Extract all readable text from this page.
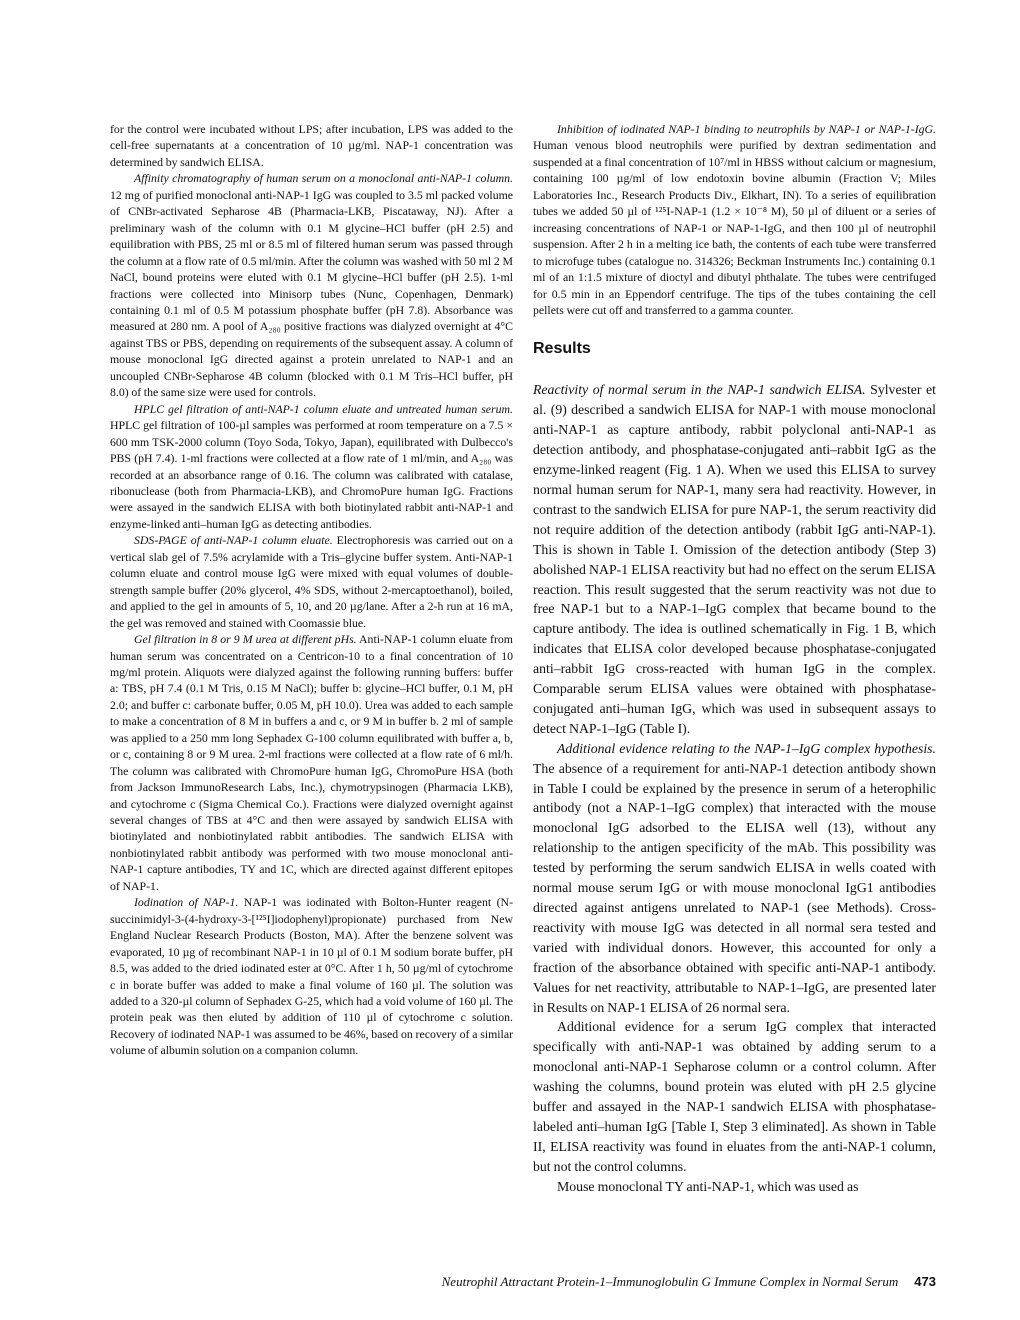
for the control were incubated without LPS; after incubation, LPS was added to the cell-free supernatants at a concentration of 10 µg/ml. NAP-1 concentration was determined by sandwich ELISA.

Affinity chromatography of human serum on a monoclonal anti-NAP-1 column. 12 mg of purified monoclonal anti-NAP-1 IgG was coupled to 3.5 ml packed volume of CNBr-activated Sepharose 4B (Pharmacia-LKB, Piscataway, NJ). After a preliminary wash of the column with 0.1 M glycine–HCl buffer (pH 2.5) and equilibration with PBS, 25 ml or 8.5 ml of filtered human serum was passed through the column at a flow rate of 0.5 ml/min. After the column was washed with 50 ml 2 M NaCl, bound proteins were eluted with 0.1 M glycine–HCl buffer (pH 2.5). 1-ml fractions were collected into Minisorp tubes (Nunc, Copenhagen, Denmark) containing 0.1 ml of 0.5 M potassium phosphate buffer (pH 7.8). Absorbance was measured at 280 nm. A pool of A₂₈₀ positive fractions was dialyzed overnight at 4°C against TBS or PBS, depending on requirements of the subsequent assay. A column of mouse monoclonal IgG directed against a protein unrelated to NAP-1 and an uncoupled CNBr-Sepharose 4B column (blocked with 0.1 M Tris–HCl buffer, pH 8.0) of the same size were used for controls.

HPLC gel filtration of anti-NAP-1 column eluate and untreated human serum. HPLC gel filtration of 100-µl samples was performed at room temperature on a 7.5 × 600 mm TSK-2000 column (Toyo Soda, Tokyo, Japan), equilibrated with Dulbecco's PBS (pH 7.4). 1-ml fractions were collected at a flow rate of 1 ml/min, and A₂₈₀ was recorded at an absorbance range of 0.16. The column was calibrated with catalase, ribonuclease (both from Pharmacia-LKB), and ChromoPure human IgG. Fractions were assayed in the sandwich ELISA with both biotinylated rabbit anti-NAP-1 and enzyme-linked anti–human IgG as detecting antibodies.

SDS-PAGE of anti-NAP-1 column eluate. Electrophoresis was carried out on a vertical slab gel of 7.5% acrylamide with a Tris–glycine buffer system. Anti-NAP-1 column eluate and control mouse IgG were mixed with equal volumes of double-strength sample buffer (20% glycerol, 4% SDS, without 2-mercaptoethanol), boiled, and applied to the gel in amounts of 5, 10, and 20 µg/lane. After a 2-h run at 16 mA, the gel was removed and stained with Coomassie blue.

Gel filtration in 8 or 9 M urea at different pHs. Anti-NAP-1 column eluate from human serum was concentrated on a Centricon-10 to a final concentration of 10 mg/ml protein. Aliquots were dialyzed against the following running buffers: buffer a: TBS, pH 7.4 (0.1 M Tris, 0.15 M NaCl); buffer b: glycine–HCl buffer, 0.1 M, pH 2.0; and buffer c: carbonate buffer, 0.05 M, pH 10.0). Urea was added to each sample to make a concentration of 8 M in buffers a and c, or 9 M in buffer b. 2 ml of sample was applied to a 250 mm long Sephadex G-100 column equilibrated with buffer a, b, or c, containing 8 or 9 M urea. 2-ml fractions were collected at a flow rate of 6 ml/h. The column was calibrated with ChromoPure human IgG, ChromoPure HSA (both from Jackson ImmunoResearch Labs, Inc.), chymotrypsinogen (Pharmacia LKB), and cytochrome c (Sigma Chemical Co.). Fractions were dialyzed overnight against several changes of TBS at 4°C and then were assayed by sandwich ELISA with biotinylated and nonbiotinylated rabbit antibodies. The sandwich ELISA with nonbiotinylated rabbit antibody was performed with two mouse monoclonal anti-NAP-1 capture antibodies, TY and 1C, which are directed against different epitopes of NAP-1.

Iodination of NAP-1. NAP-1 was iodinated with Bolton-Hunter reagent (N-succinimidyl-3-(4-hydroxy-3-[¹²⁵I]iodophenyl)propionate) purchased from New England Nuclear Research Products (Boston, MA). After the benzene solvent was evaporated, 10 µg of recombinant NAP-1 in 10 µl of 0.1 M sodium borate buffer, pH 8.5, was added to the dried iodinated ester at 0°C. After 1 h, 50 µg/ml of cytochrome c in borate buffer was added to make a final volume of 160 µl. The solution was added to a 320-µl column of Sephadex G-25, which had a void volume of 160 µl. The protein peak was then eluted by addition of 110 µl of cytochrome c solution. Recovery of iodinated NAP-1 was assumed to be 46%, based on recovery of a similar volume of albumin solution on a companion column.

Inhibition of iodinated NAP-1 binding to neutrophils by NAP-1 or NAP-1-IgG. Human venous blood neutrophils were purified by dextran sedimentation and suspended at a final concentration of 10⁷/ml in HBSS without calcium or magnesium, containing 100 µg/ml of low endotoxin bovine albumin (Fraction V; Miles Laboratories Inc., Research Products Div., Elkhart, IN). To a series of equilibration tubes we added 50 µl of ¹²⁵I-NAP-1 (1.2 × 10⁻⁸ M), 50 µl of diluent or a series of increasing concentrations of NAP-1 or NAP-1-IgG, and then 100 µl of neutrophil suspension. After 2 h in a melting ice bath, the contents of each tube were transferred to microfuge tubes (catalogue no. 314326; Beckman Instruments Inc.) containing 0.1 ml of an 1:1.5 mixture of dioctyl and dibutyl phthalate. The tubes were centrifuged for 0.5 min in an Eppendorf centrifuge. The tips of the tubes containing the cell pellets were cut off and transferred to a gamma counter.

Results

Reactivity of normal serum in the NAP-1 sandwich ELISA. Sylvester et al. (9) described a sandwich ELISA for NAP-1 with mouse monoclonal anti-NAP-1 as capture antibody, rabbit polyclonal anti-NAP-1 as detection antibody, and phosphatase-conjugated anti–rabbit IgG as the enzyme-linked reagent (Fig. 1 A). When we used this ELISA to survey normal human serum for NAP-1, many sera had reactivity. However, in contrast to the sandwich ELISA for pure NAP-1, the serum reactivity did not require addition of the detection antibody (rabbit IgG anti-NAP-1). This is shown in Table I. Omission of the detection antibody (Step 3) abolished NAP-1 ELISA reactivity but had no effect on the serum ELISA reaction. This result suggested that the serum reactivity was not due to free NAP-1 but to a NAP-1–IgG complex that became bound to the capture antibody. The idea is outlined schematically in Fig. 1 B, which indicates that ELISA color developed because phosphatase-conjugated anti–rabbit IgG cross-reacted with human IgG in the complex. Comparable serum ELISA values were obtained with phosphatase-conjugated anti–human IgG, which was used in subsequent assays to detect NAP-1–IgG (Table I).

Additional evidence relating to the NAP-1–IgG complex hypothesis. The absence of a requirement for anti-NAP-1 detection antibody shown in Table I could be explained by the presence in serum of a heterophilic antibody (not a NAP-1–IgG complex) that interacted with the mouse monoclonal IgG adsorbed to the ELISA well (13), without any relationship to the antigen specificity of the mAb. This possibility was tested by performing the serum sandwich ELISA in wells coated with normal mouse serum IgG or with mouse monoclonal IgG1 antibodies directed against antigens unrelated to NAP-1 (see Methods). Cross-reactivity with mouse IgG was detected in all normal sera tested and varied with individual donors. However, this accounted for only a fraction of the absorbance obtained with specific anti-NAP-1 antibody. Values for net reactivity, attributable to NAP-1–IgG, are presented later in Results on NAP-1 ELISA of 26 normal sera.

Additional evidence for a serum IgG complex that interacted specifically with anti-NAP-1 was obtained by adding serum to a monoclonal anti-NAP-1 Sepharose column or a control column. After washing the columns, bound protein was eluted with pH 2.5 glycine buffer and assayed in the NAP-1 sandwich ELISA with phosphatase-labeled anti–human IgG [Table I, Step 3 eliminated]. As shown in Table II, ELISA reactivity was found in eluates from the anti-NAP-1 column, but not the control columns.

Mouse monoclonal TY anti-NAP-1, which was used as

Neutrophil Attractant Protein-1–Immunoglobulin G Immune Complex in Normal Serum 473
